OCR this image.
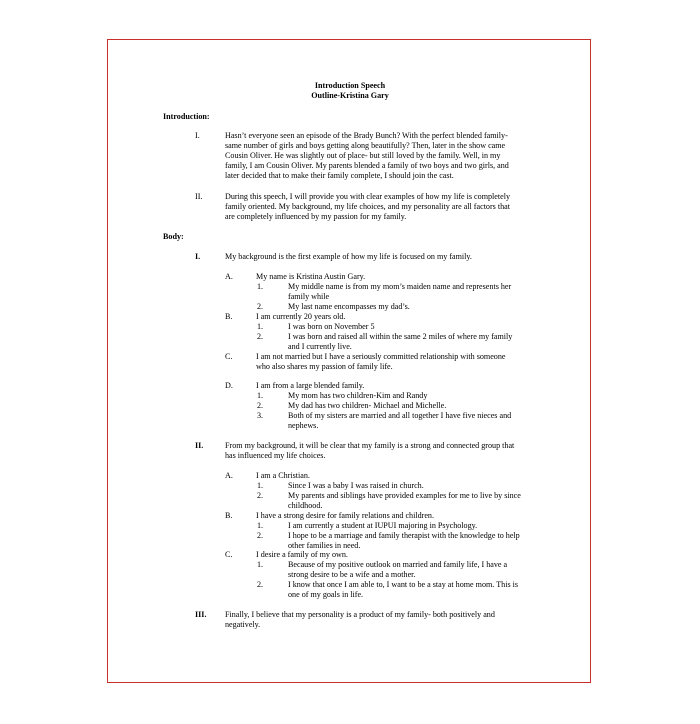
Introduction Speech
Outline-Kristina Gary
Introduction:
I.	Hasn’t everyone seen an episode of the Brady Bunch? With the perfect blended family-
same number of girls and boys getting along beautifully? Then, later in the show came
Cousin Oliver. He was slightly out of place- but still loved by the family. Well, in my
family, I am Cousin Oliver. My parents blended a family of two boys and two girls, and
later decided that to make their family complete, I should join the cast.
II.	During this speech, I will provide you with clear examples of how my life is completely
family oriented. My background, my life choices, and my personality are all factors that
are completely influenced by my passion for my family.
Body:
I.	My background is the first example of how my life is focused on my family.
A.	My name is Kristina Austin Gary.
1.	My middle name is from my mom’s maiden name and represents her
family while
2.	My last name encompasses my dad’s.
B.	I am currently 20 years old.
1.	I was born on November 5
2.	I was born and raised all within the same 2 miles of where my family
and I currently live.
C.	I am not married but I have a seriously committed relationship with someone
who also shares my passion of family life.
D.	I am from a large blended family.
1.	My mom has two children-Kim and Randy
2.	My dad has two children- Michael and Michelle.
3.	Both of my sisters are married and all together I have five nieces and
nephews.
II.	From my background, it will be clear that my family is a strong and connected group that
has influenced my life choices.
A.	I am a Christian.
1.	Since I was a baby I was raised in church.
2.	My parents and siblings have provided examples for me to live by since
childhood.
B.	I have a strong desire for family relations and children.
1.	I am currently a student at IUPUI majoring in Psychology.
2.	I hope to be a marriage and family therapist with the knowledge to help
other families in need.
C.	I desire a family of my own.
1.	Because of my positive outlook on married and family life, I have a
strong desire to be a wife and a mother.
2.	I know that once I am able to, I want to be a stay at home mom. This is
one of my goals in life.
III. Finally, I believe that my personality is a product of my family- both positively and
negatively.
